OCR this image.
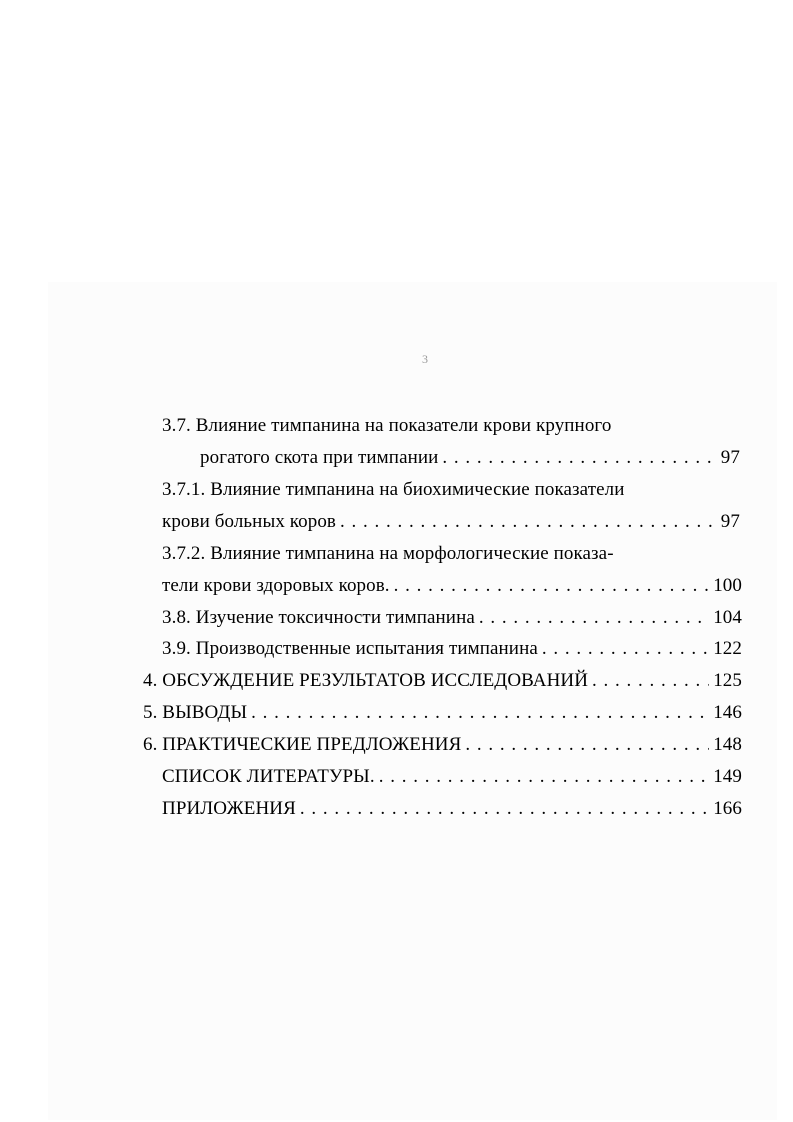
3
3.7. Влияние тимпанина на показатели крови крупного
рогатого скота при тимпании . . .	97
3.7.1. Влияние тимпанина на биохимические показатели
крови больных коров . . .	97
3.7.2. Влияние тимпанина на морфологические показа-
тели крови здоровых коров. . . .	100
3.8. Изучение токсичности тимпанина . . .	104
3.9. Производственные испытания тимпанина . . .	122
4. ОБСУЖДЕНИЕ РЕЗУЛЬТАТОВ ИССЛЕДОВАНИЙ . . .	125
5. ВЫВОДЫ . . .	146
6. ПРАКТИЧЕСКИЕ ПРЕДЛОЖЕНИЯ . . .	148
СПИСОК ЛИТЕРАТУРЫ. . . .	149
ПРИЛОЖЕНИЯ . . .	166
